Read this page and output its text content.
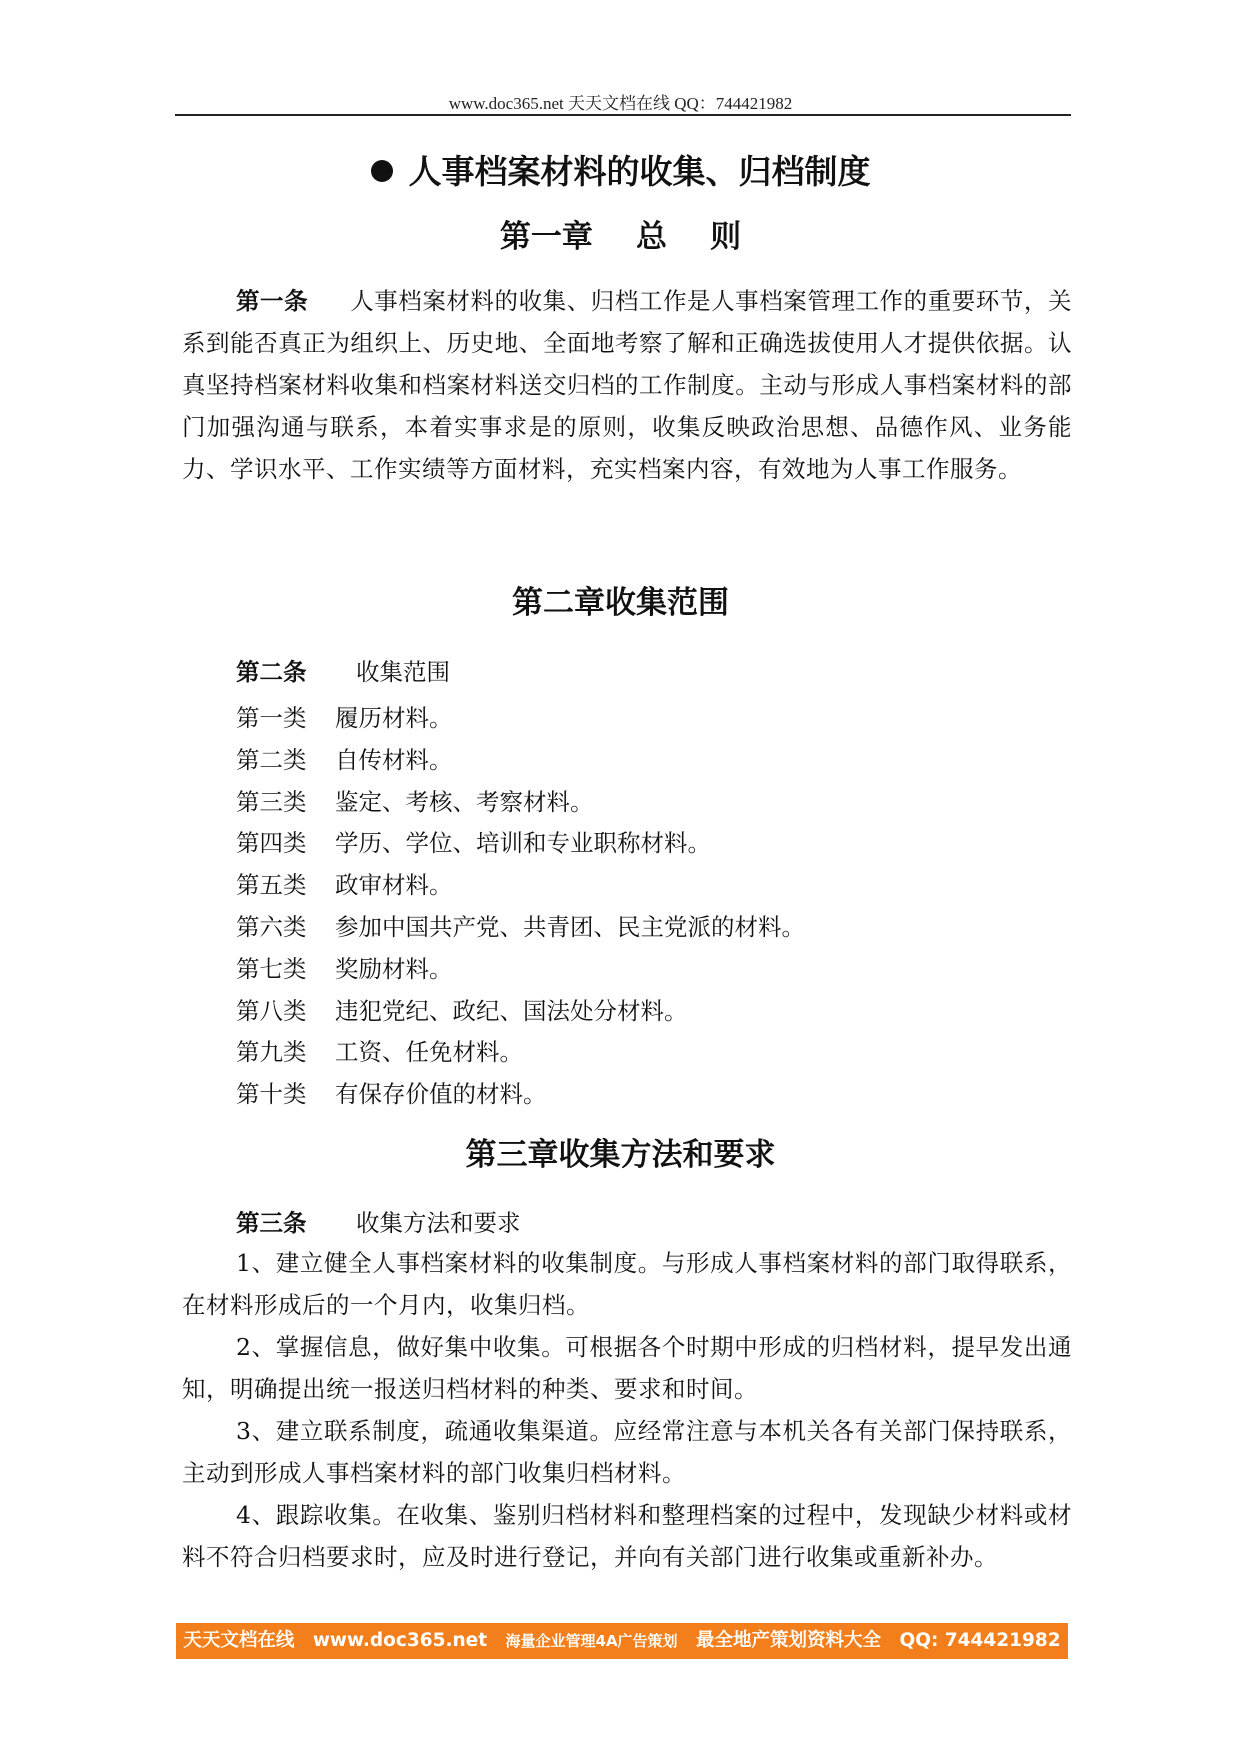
www.doc365.net 天天文档在线 QQ：744421982
人事档案材料的收集、归档制度
第一章    总    则
第一条 人事档案材料的收集、归档工作是人事档案管理工作的重要环节，关系到能否真正为组织上、历史地、全面地考察了解和正确选拔使用人才提供依据。认真坚持档案材料收集和档案材料送交归档的工作制度。主动与形成人事档案材料的部门加强沟通与联系，本着实事求是的原则，收集反映政治思想、品德作风、业务能力、学识水平、工作实绩等方面材料，充实档案内容，有效地为人事工作服务。
第二章收集范围
第二条 收集范围
第一类 履历材料。
第二类 自传材料。
第三类 鉴定、考核、考察材料。
第四类 学历、学位、培训和专业职称材料。
第五类 政审材料。
第六类 参加中国共产党、共青团、民主党派的材料。
第七类 奖励材料。
第八类 违犯党纪、政纪、国法处分材料。
第九类 工资、任免材料。
第十类 有保存价值的材料。
第三章收集方法和要求
第三条 收集方法和要求
1、建立健全人事档案材料的收集制度。与形成人事档案材料的部门取得联系，在材料形成后的一个月内，收集归档。
2、掌握信息，做好集中收集。可根据各个时期中形成的归档材料，提早发出通知，明确提出统一报送归档材料的种类、要求和时间。
3、建立联系制度，疏通收集渠道。应经常注意与本机关各有关部门保持联系，主动到形成人事档案材料的部门收集归档材料。
4、跟踪收集。在收集、鉴别归档材料和整理档案的过程中，发现缺少材料或材料不符合归档要求时，应及时进行登记，并向有关部门进行收集或重新补办。
天天文档在线 www.doc365.net 海量企业管理4A广告策划 最全地产策划资料大全 QQ: 744421982
